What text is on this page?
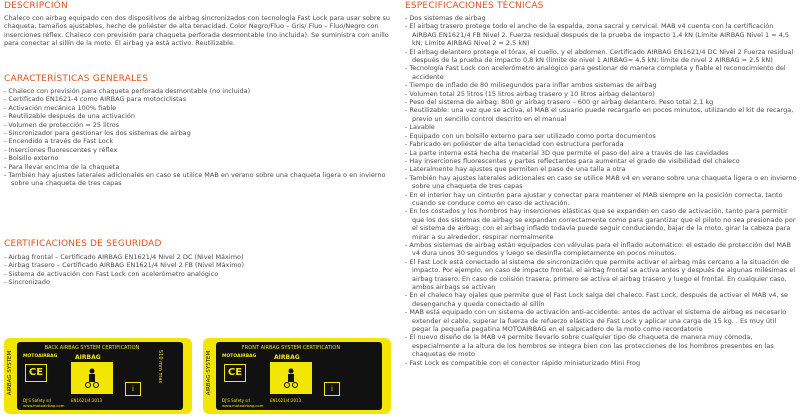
DESCRIPCIÓN

Chaleco con airbag equipado con dos dispositivos de airbag sincronizados con tecnología Fast Lock para usar sobre su chaqueta, tamaños ajustables, hecho de poliéster de alta tenacidad. Color Negro/Fluo – Gris/ Fluo – Fluo/Negro con inserciones réflex. Chaleco con previsión para chaqueta perforada desmontable (no incluida). Se suministra con anillo para conectar al sillín de la moto. El airbag ya está activo. Reutilizable.

CARACTERÍSTICAS GENERALES
- Chaleco con previsión para chaqueta perforada desmontable (no incluida)
- Certificado EN1621-4 como AIRBAG para motociclistas
- Activación mecánica 100% fiable
- Reutilizable después de una activación
- Volumen de protección = 25 litros
- Sincronizador para gestionar los dos sistemas de airbag
- Encendido a través de Fast Lock
- Inserciones fluorescentes y réflex
- Bolsillo externo
- Para llevar encima de la chaqueta
- También hay ajustes laterales adicionales en caso se utilice MAB en verano sobre una chaqueta ligera o en invierno sobre una chaqueta de tres capas
CERTIFICACIONES DE SEGURIDAD
- Airbag frontal – Certificado AIRBAG EN1621/4 Nivel 2 DC (Nivel Máximo)
- Airbag trasero – Certificado AIRBAG EN1621/4 Nivel 2 FB (Nivel Máximo)
- Sistema de activación con Fast Lock con acelerómetro analógico
- Sincronizado
AIRBAG SYSTEM
BACK AIRBAG SYSTEM CERTIFICATION
MOTOAIRBAG
CE
AIRBAG	510 mm max
i
DJ'S Safety srl	EN1621/4:2013
www.motoairbag.com
AIRBAG SYSTEM
FRONT AIRBAG SYSTEM CERTIFICATION
MOTOAIRBAG
CE
AIRBAG
i
DJ'S Safety srl	EN1621/4:2013
www.motoairbag.com
ESPECIFICACIONES TÉCNICAS
- Dos sistemas de airbag
- El airbag trasero protege todo el ancho de la espalda, zona sacral y cervical. MAB v4 cuenta con la certificación AIRBAG EN1621/4 FB Nivel 2. Fuerza residual después de la prueba de impacto 1,4 kN (Límite AIRBAG Nivel 1 = 4,5 kN; Límite AIRBAG Nivel 2 = 2,5 kN)
- El airbag delantero protege el tórax, el cuello, y el abdomen. Certificado AIRBAG EN1621/4 DC Nivel 2 Fuerza residual después de la prueba de impacto 0,8 kN (límite de nivel 1 AIRBAG= 4,5 kN; límite de nivel 2 AIRBAG = 2,5 kN)
- Tecnología Fast Lock con acelerómetro analógico para gestionar de manera completa y fiable el reconocimiento del accidente
- Tiempo de inflado de 80 milisegundos para inflar ambos sistemas de airbag
- Volumen total 25 litros (15 litros airbag trasero y 10 litros airbag delantero)
- Peso del sistema de airbag: 800 gr airbag trasero – 600 gr airbag delantero. Peso total 2,1 kg
- Reutilizable: una vez que se activa, el MAB el usuario puede recargarlo en pocos minutos, utilizando el kit de recarga, previo un sencillo control descrito en el manual
- Lavable
- Equipado con un bolsillo externo para ser utilizado como porta documentos
- Fabricado en poliéster de alta tenacidad con estructura perforada
- La parte interna está hecha de material 3D que permite el paso del aire a través de las cavidades
- Hay inserciones fluorescentes y partes reflectantes para aumentar el grado de visibilidad del chaleco
- Lateralmente hay ajustes que permiten el paso de una talla a otra
- También hay ajustes laterales adicionales en caso se utilice MAB v4 en verano sobre una chaqueta ligera o en invierno sobre una chaqueta de tres capas
- En el interior hay un cinturón para ajustar y conectar para mantener el MAB siempre en la posición correcta, tanto cuando se conduce como en caso de activación.
- En los costados y los hombros hay inserciones elásticas que se expanden en caso de activación, tanto para permitir que los dos sistemas de airbag se expandan correctamente como para garantizar que el piloto no sea presionado por el sistema de airbag: con el airbag inflado todavía puede seguir conduciendo, bajar de la moto, girar la cabeza para mirar a su alrededor, respirar normalmente
- Ambos sistemas de airbag están equipados con válvulas para el inflado automático: el estado de protección del MAB v4 dura unos 30 segundos y luego se desinfla completamente en pocos minutos.
- El Fast Lock está conectado al sistema de sincronización que permite activar el airbag más cercano a la situación de impacto. Por ejemplo, en caso de impacto frontal, el airbag frontal se activa antes y después de algunas milésimas el airbag trasero. En caso de colisión trasera, primero se activa el airbag trasero y luego el frontal. En cualquier caso, ambos airbags se activan
- En el chaleco hay ojales que permite que el Fast Lock salga del chaleco. Fast Lock, después de activar el MAB v4, se desengancha y queda conectado al sillín
- MAB está equipado con un sistema de activación anti-accidente: antes de activar el sistema de airbag es necesario extender el cable, superar la fuerza de refuerzo elástica de Fast Lock y aplicar una carga de 15 kg. . Es muy útil pegar la pequeña pegatina MOTOAIRBAG en el salpicadero de la moto como recordatorio
- El nuevo diseño de la MAB v4 permite llevarlo sobre cualquier tipo de chaqueta de manera muy cómoda, especialmente a la altura de los hombros se integra bien con las protecciones de los hombros presentes en las chaquetas de moto
- Fast Lock es compatible con el conector rápido miniaturizado Mini Frog
